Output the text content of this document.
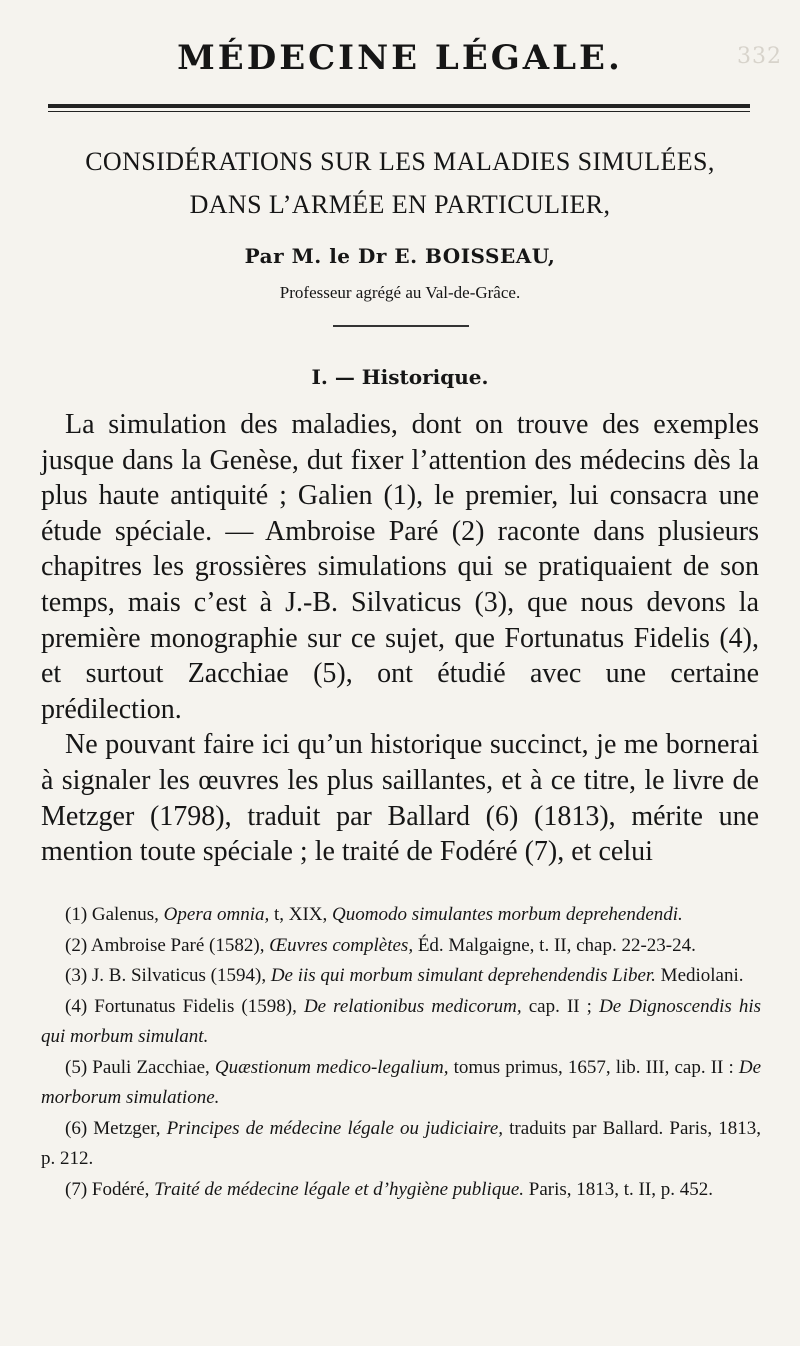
332
MÉDECINE LÉGALE.
CONSIDÉRATIONS SUR LES MALADIES SIMULÉES,
DANS L’ARMÉE EN PARTICULIER,
Par M. le Dr E. BOISSEAU,
Professeur agrégé au Val-de-Grâce.
I. — Historique.

La simulation des maladies, dont on trouve des exemples jusque dans la Genèse, dut fixer l’attention des médecins dès la plus haute antiquité ; Galien (1), le premier, lui consacra une étude spéciale. — Ambroise Paré (2) raconte dans plusieurs chapitres les grossières simulations qui se pratiquaient de son temps, mais c’est à J.-B. Silvaticus (3), que nous devons la première monographie sur ce sujet, que Fortunatus Fidelis (4), et surtout Zacchiae (5), ont étudié avec une certaine prédilection.

Ne pouvant faire ici qu’un historique succinct, je me bornerai à signaler les œuvres les plus saillantes, et à ce titre, le livre de Metzger (1798), traduit par Ballard (6) (1813), mérite une mention toute spéciale ; le traité de Fodéré (7), et celui

(1) Galenus, Opera omnia, t, XIX, Quomodo simulantes morbum deprehendendi.

(2) Ambroise Paré (1582), Œuvres complètes, Éd. Malgaigne, t. II, chap. 22-23-24.

(3) J. B. Silvaticus (1594), De iis qui morbum simulant deprehendendis Liber. Mediolani.

(4) Fortunatus Fidelis (1598), De relationibus medicorum, cap. II ; De Dignoscendis his qui morbum simulant.

(5) Pauli Zacchiae, Quæstionum medico-legalium, tomus primus, 1657, lib. III, cap. II : De morborum simulatione.

(6) Metzger, Principes de médecine légale ou judiciaire, traduits par Ballard. Paris, 1813, p. 212.

(7) Fodéré, Traité de médecine légale et d’hygiène publique. Paris, 1813, t. II, p. 452.
